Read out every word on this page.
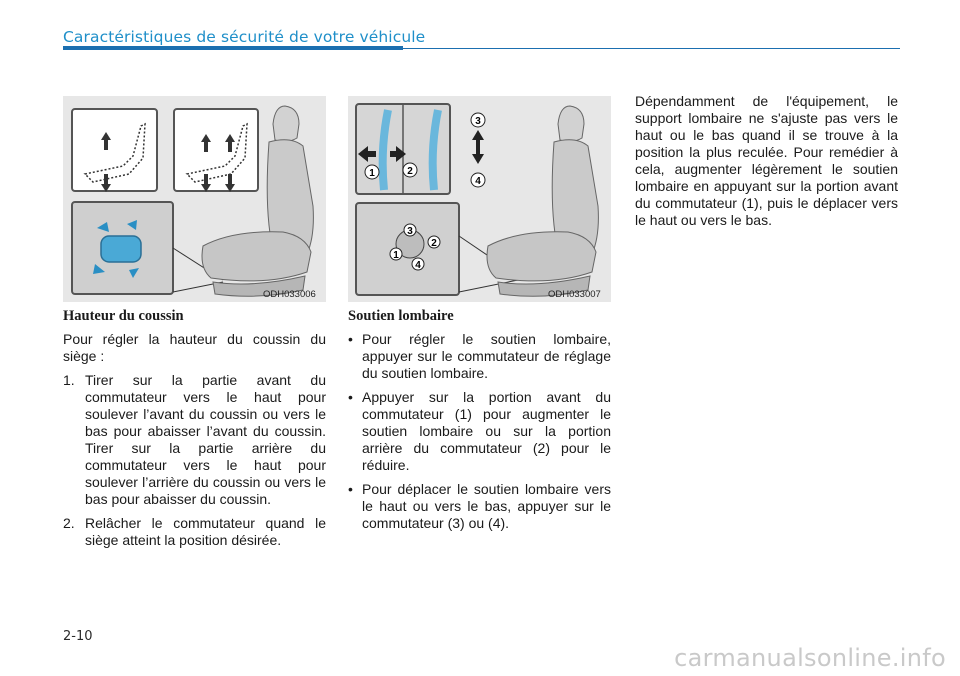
Caractéristiques de sécurité de votre véhicule
ODH033006
1	2
3
4
3
2
1
4
ODH033007

Hauteur du coussin

Pour régler la hauteur du coussin du siège :

1. Tirer sur la partie avant du commutateur vers le haut pour soulever l’avant du coussin ou vers le bas pour abaisser l’avant du coussin. Tirer sur la partie arrière du commutateur vers le haut pour soulever l’arrière du coussin ou vers le bas pour abaisser du coussin.
2. Relâcher le commutateur quand le siège atteint la position désirée.

Soutien lombaire

• Pour régler le soutien lombaire, appuyer sur le commutateur de réglage du soutien lombaire.
• Appuyer sur la portion avant du commutateur (1) pour augmenter le soutien lombaire ou sur la portion arrière du commutateur (2) pour le réduire.
• Pour déplacer le soutien lombaire vers le haut ou vers le bas, appuyer sur le commutateur (3) ou (4).

Dépendamment de l'équipement, le support lombaire ne s'ajuste pas vers le haut ou le bas quand il se trouve à la position la plus reculée. Pour remédier à cela, augmenter légèrement le soutien lombaire en appuyant sur la portion avant du commutateur (1), puis le déplacer vers le haut ou vers le bas.

2-10
carmanualsonline.info
